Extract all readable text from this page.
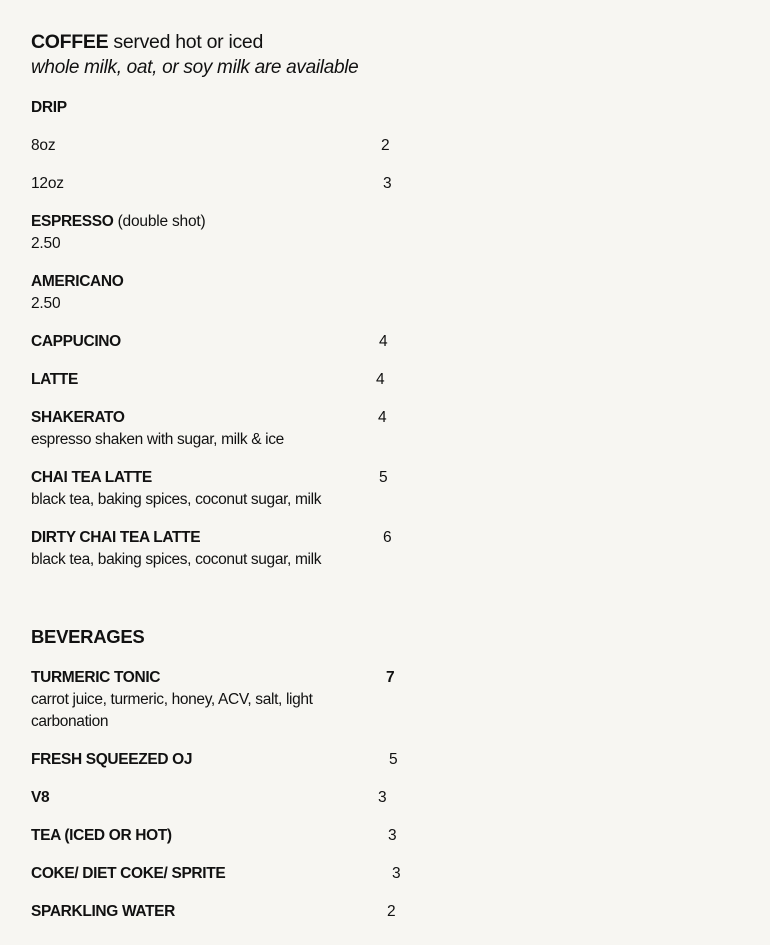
COFFEE served hot or iced
whole milk, oat, or soy milk are available
DRIP
8oz	2
12oz	3
ESPRESSO (double shot)
2.50
AMERICANO
2.50
CAPPUCINO	4
LATTE	4
SHAKERATO	4
espresso shaken with sugar, milk & ice
CHAI TEA LATTE	5
black tea, baking spices, coconut sugar, milk
DIRTY CHAI TEA LATTE	6
black tea, baking spices, coconut sugar, milk
BEVERAGES
TURMERIC TONIC	7
carrot juice, turmeric, honey, ACV, salt, light carbonation
FRESH SQUEEZED OJ	5
V8	3
TEA (ICED OR HOT)	3
COKE/ DIET COKE/ SPRITE	3
SPARKLING WATER	2
